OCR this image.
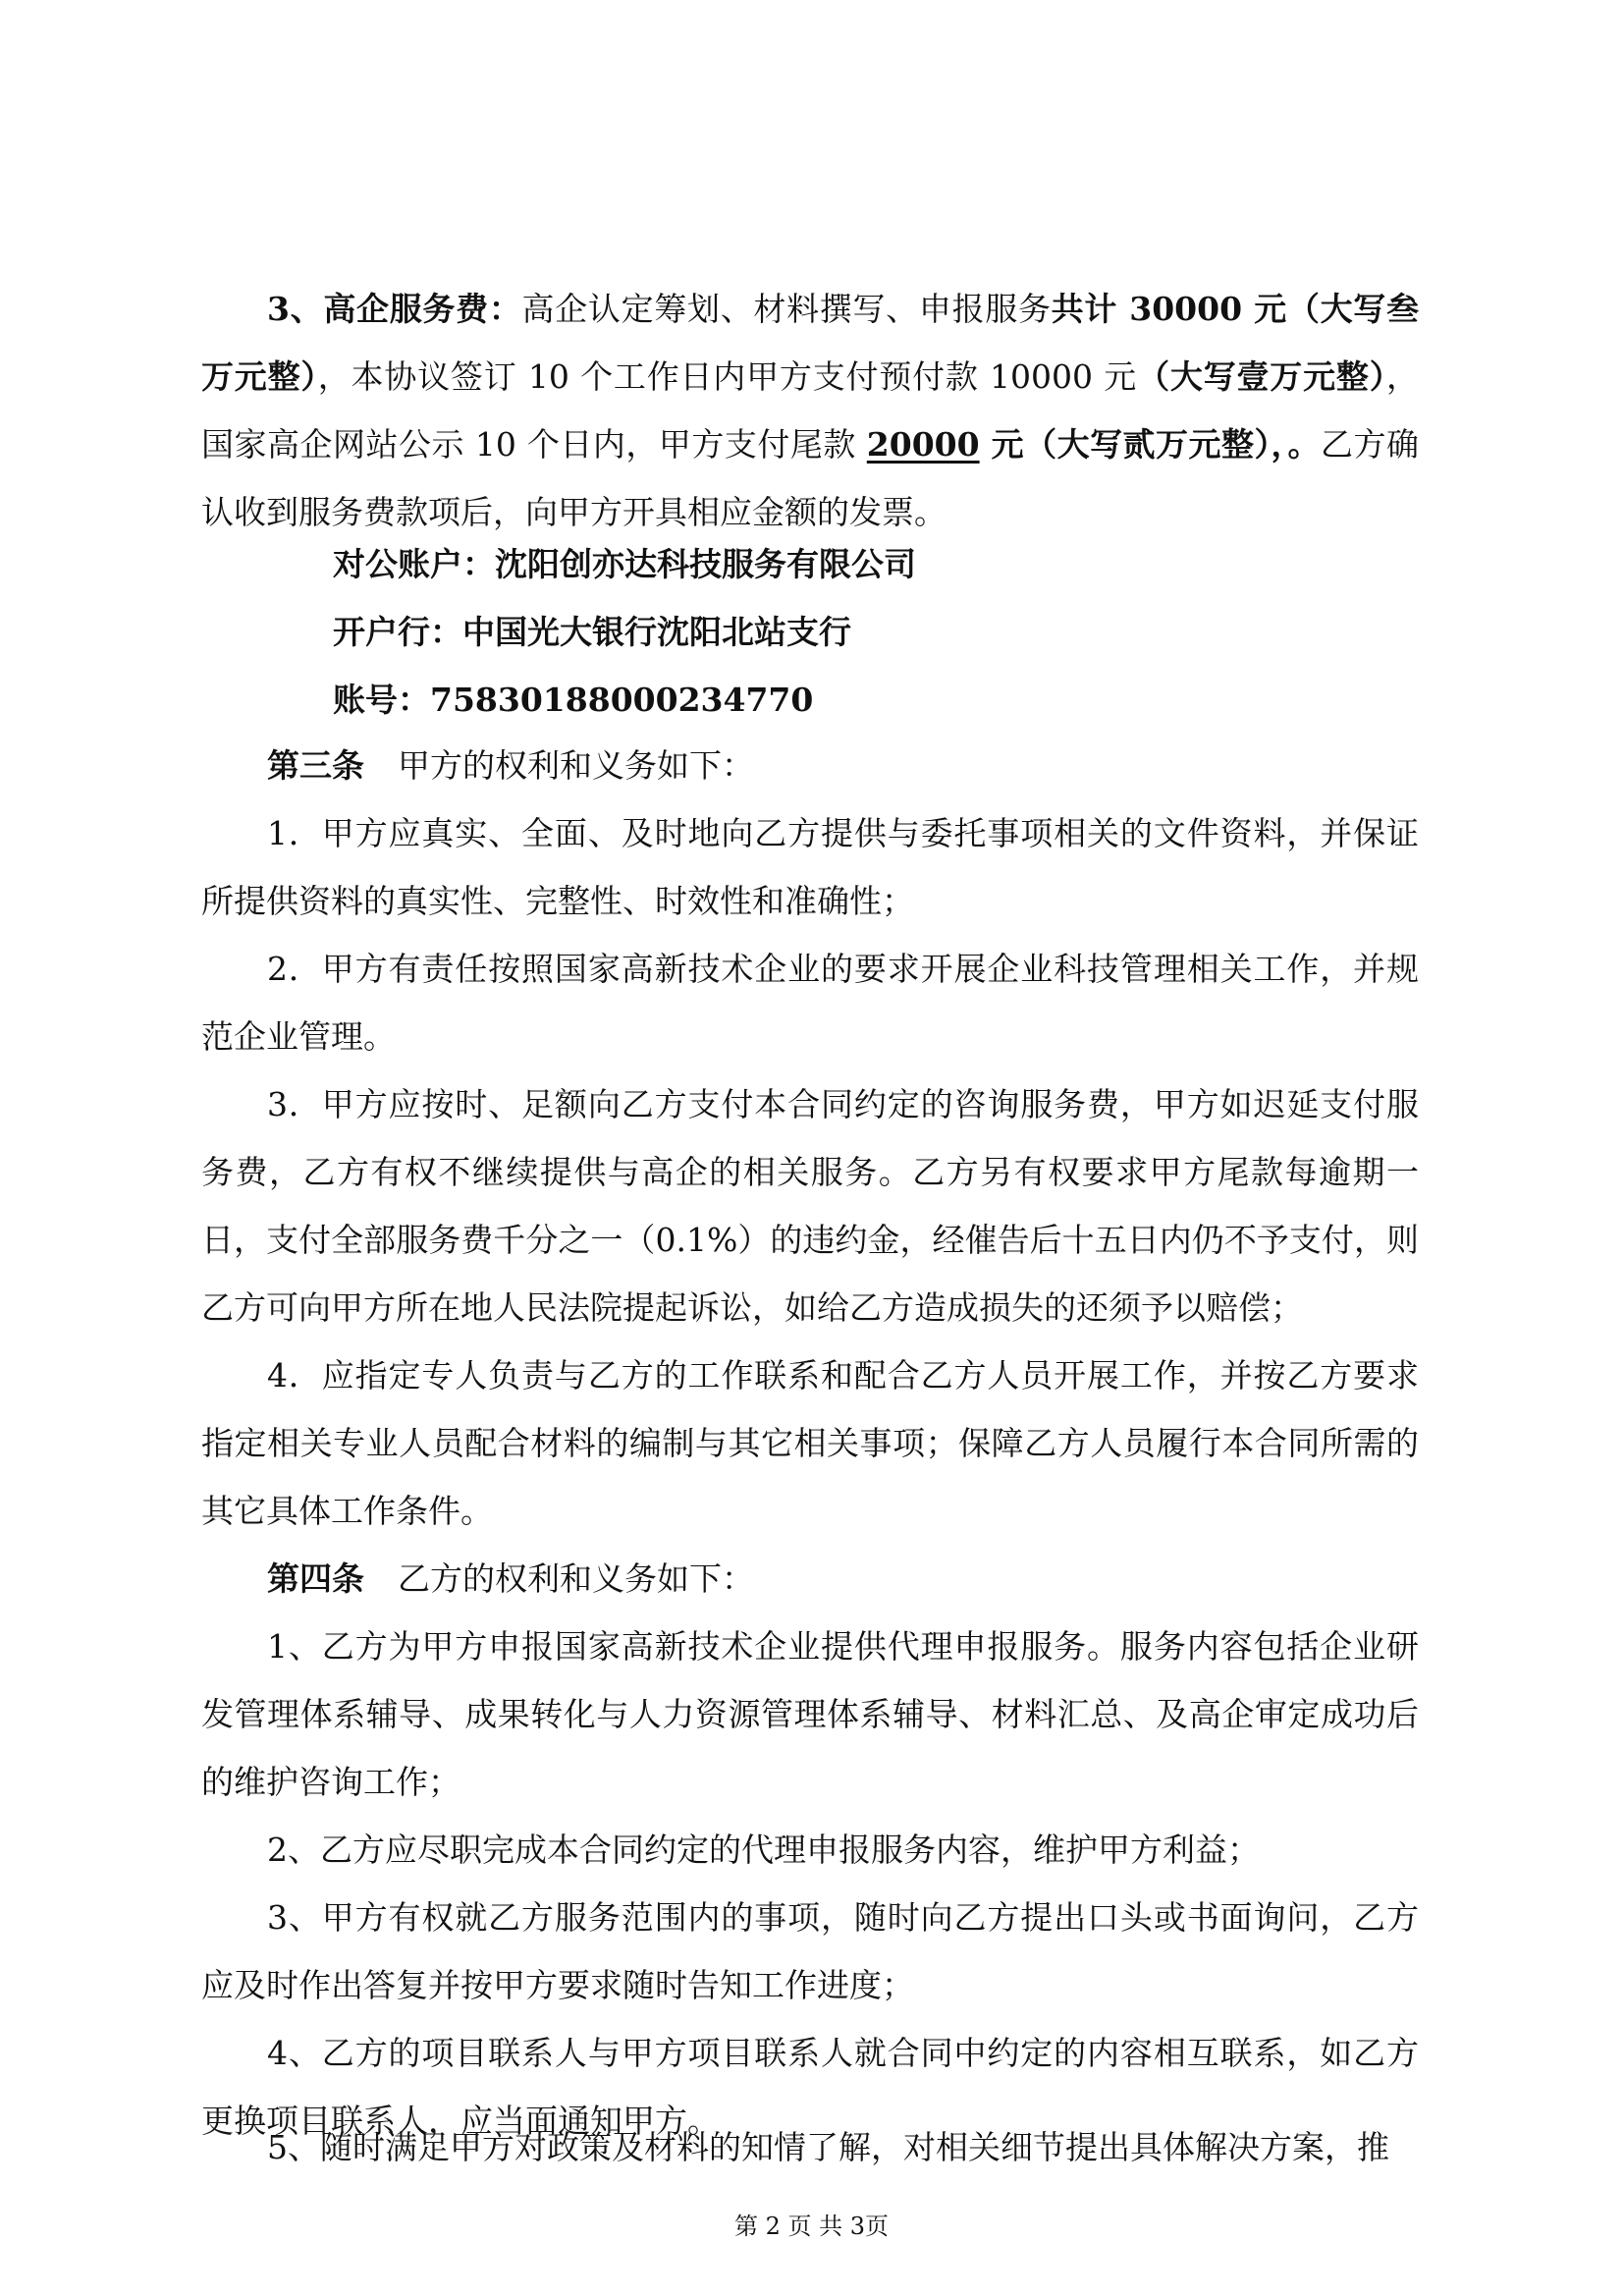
3、高企服务费：高企认定筹划、材料撰写、申报服务共计 30000 元（大写叁万元整），本协议签订 10 个工作日内甲方支付预付款 10000 元（大写壹万元整），国家高企网站公示 10 个日内，甲方支付尾款 20000 元（大写贰万元整），。乙方确认收到服务费款项后，向甲方开具相应金额的发票。

对公账户：沈阳创亦达科技服务有限公司
开户行：中国光大银行沈阳北站支行
账号：75830188000234770

第三条 甲方的权利和义务如下：

1．甲方应真实、全面、及时地向乙方提供与委托事项相关的文件资料，并保证所提供资料的真实性、完整性、时效性和准确性；

2．甲方有责任按照国家高新技术企业的要求开展企业科技管理相关工作，并规范企业管理。

3．甲方应按时、足额向乙方支付本合同约定的咨询服务费，甲方如迟延支付服务费，乙方有权不继续提供与高企的相关服务。乙方另有权要求甲方尾款每逾期一日，支付全部服务费千分之一（0.1%）的违约金，经催告后十五日内仍不予支付，则乙方可向甲方所在地人民法院提起诉讼，如给乙方造成损失的还须予以赔偿；

4．应指定专人负责与乙方的工作联系和配合乙方人员开展工作，并按乙方要求指定相关专业人员配合材料的编制与其它相关事项；保障乙方人员履行本合同所需的其它具体工作条件。

第四条 乙方的权利和义务如下：

1、乙方为甲方申报国家高新技术企业提供代理申报服务。服务内容包括企业研发管理体系辅导、成果转化与人力资源管理体系辅导、材料汇总、及高企审定成功后的维护咨询工作；

2、乙方应尽职完成本合同约定的代理申报服务内容，维护甲方利益；

3、甲方有权就乙方服务范围内的事项，随时向乙方提出口头或书面询问，乙方应及时作出答复并按甲方要求随时告知工作进度；

4、乙方的项目联系人与甲方项目联系人就合同中约定的内容相互联系，如乙方更换项目联系人，应当面通知甲方。

5、随时满足甲方对政策及材料的知情了解，对相关细节提出具体解决方案，推

第 2 页 共 3页
